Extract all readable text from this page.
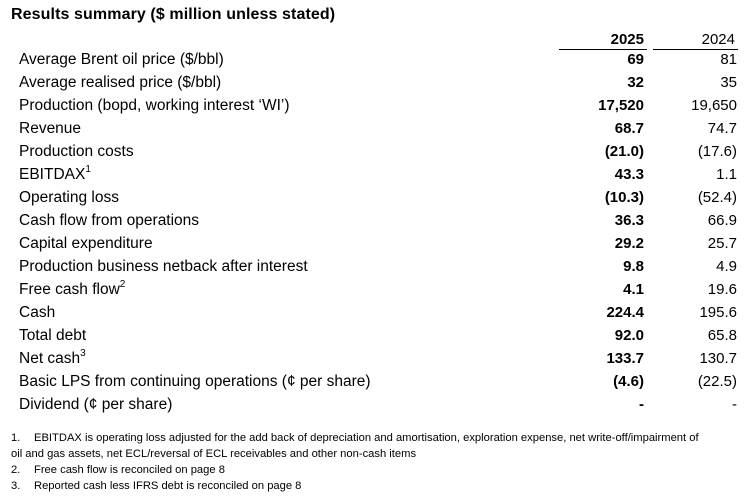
Results summary ($ million unless stated)
2025	2024
Average Brent oil price ($/bbl)	69	81
Average realised price ($/bbl)	32	35
Production (bopd, working interest ‘WI’)	17,520	19,650
Revenue	68.7	74.7
Production costs	(21.0)	(17.6)
EBITDAX$^1$	43.3	1.1
Operating loss	(10.3)	(52.4)
Cash flow from operations	36.3	66.9
Capital expenditure	29.2	25.7
Production business netback after interest	9.8	4.9
Free cash flow$^2$	4.1	19.6
Cash	224.4	195.6
Total debt	92.0	65.8
Net cash$^3$	133.7	130.7
Basic LPS from continuing operations (¢ per share)	(4.6)	(22.5)
Dividend (¢ per share)	-	-
1.	EBITDAX is operating loss adjusted for the add back of depreciation and amortisation, exploration expense, net write-off/impairment of
oil and gas assets, net ECL/reversal of ECL receivables and other non-cash items
2.	Free cash flow is reconciled on page 8
3.	Reported cash less IFRS debt is reconciled on page 8
